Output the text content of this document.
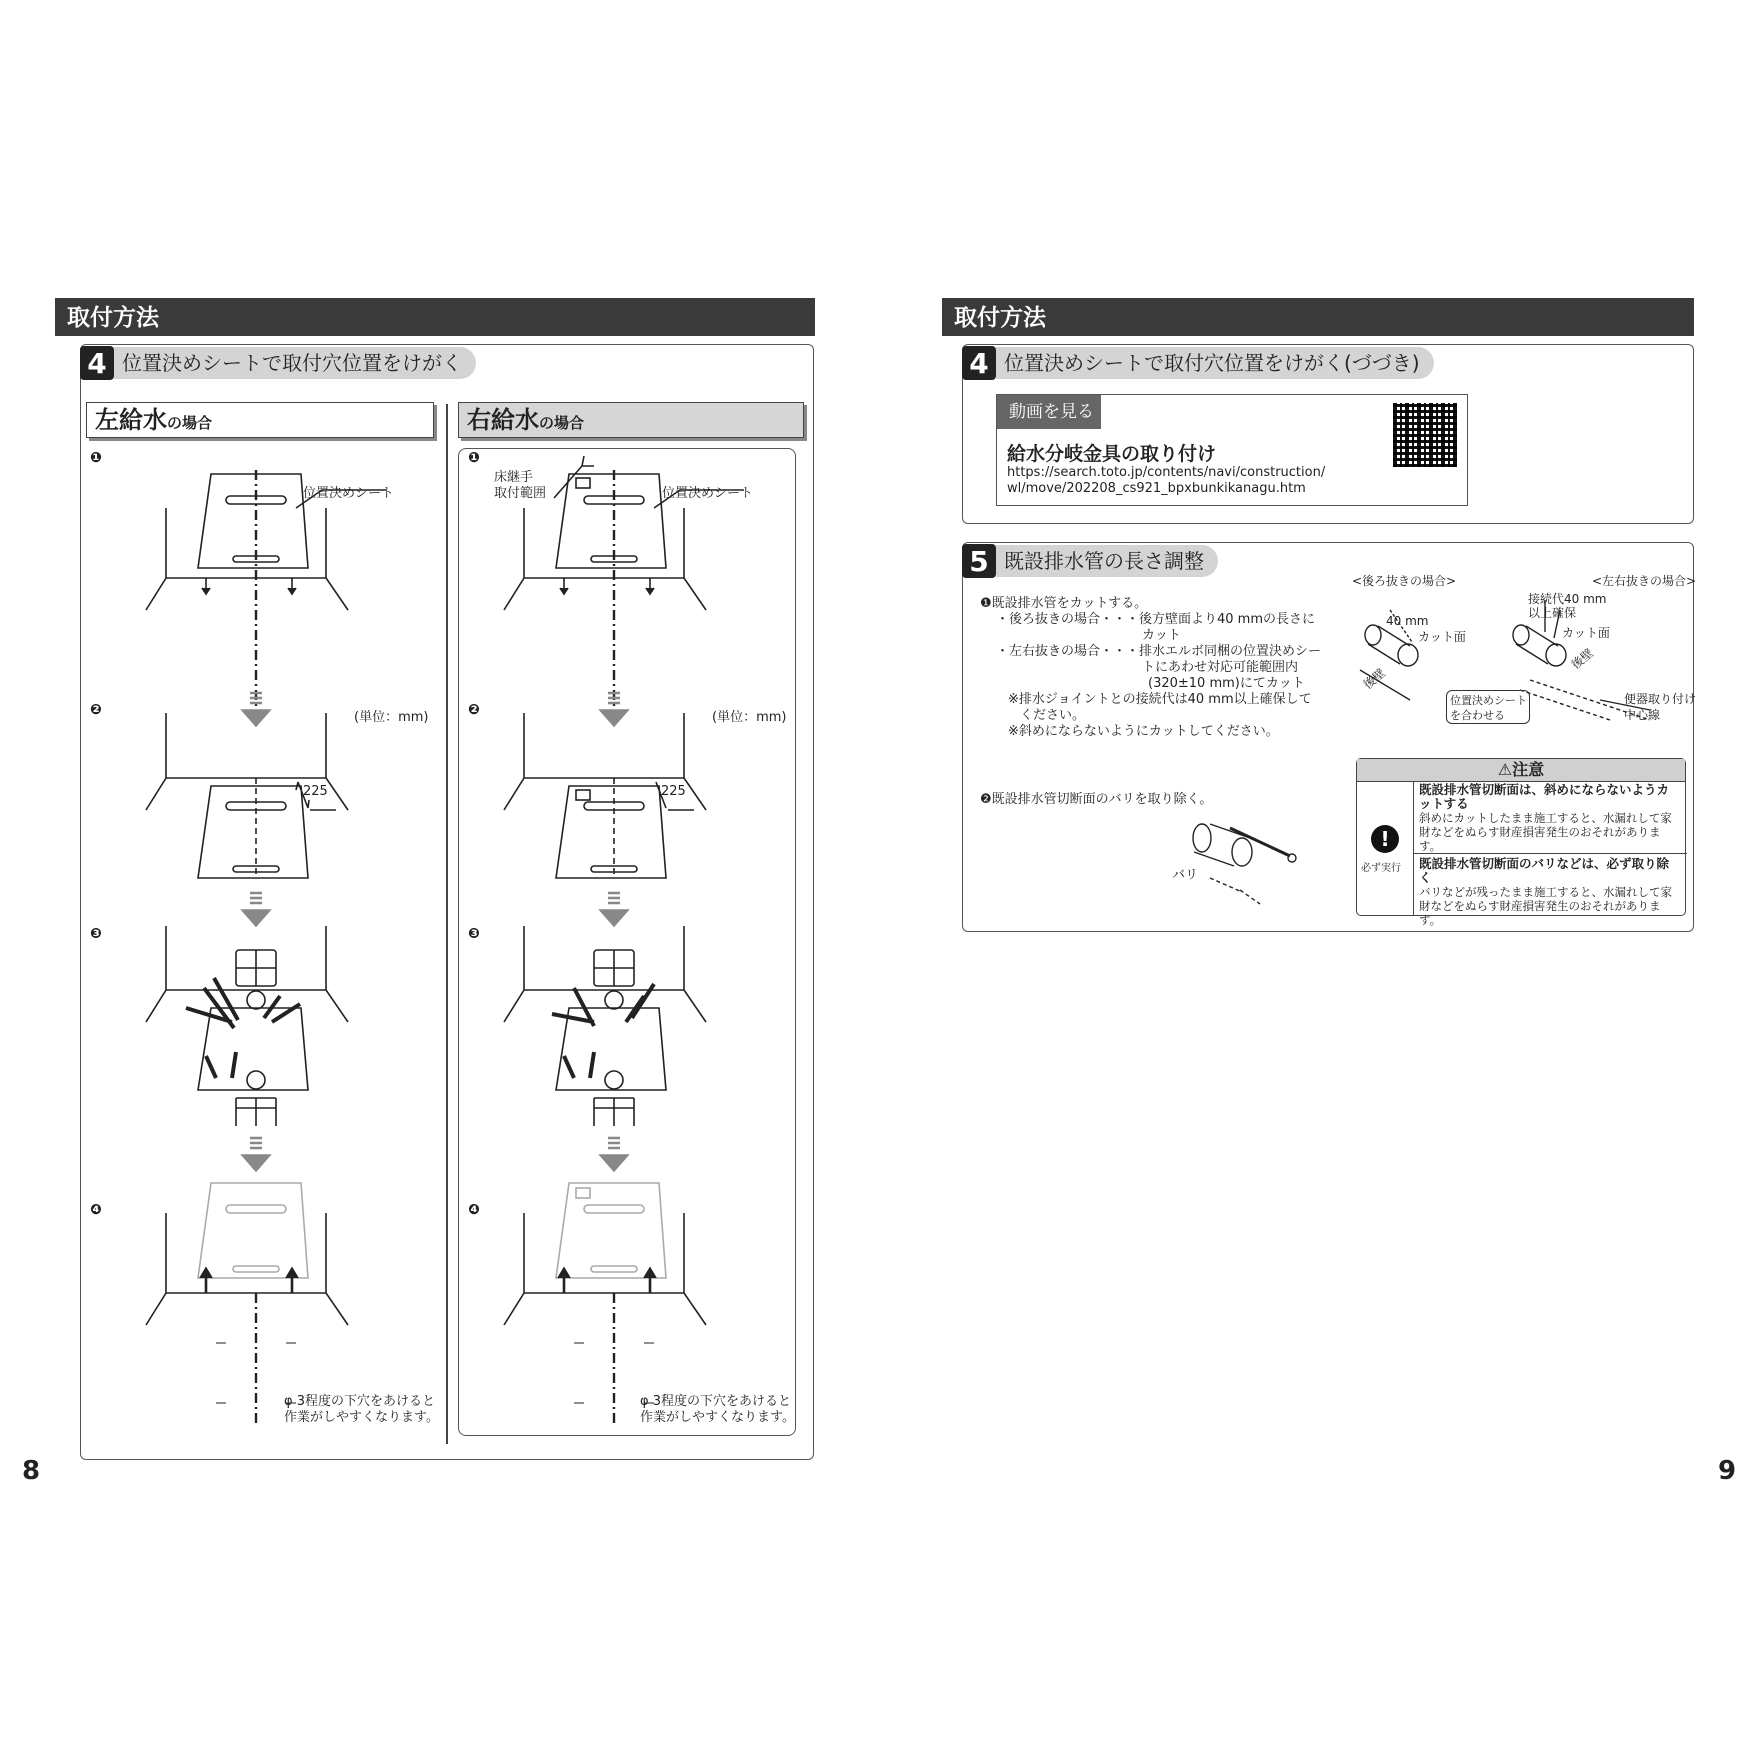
取付方法
4 位置決めシートで取付穴位置をけがく
左給水の場合	右給水の場合
❶
❷
❸
❹
❶
❷
❸
❹
位置決めシート
(単位：mm)
225
φ 3程度の下穴をあけると
作業がしやすくなります。
床継手
取付範囲	位置決めシート
(単位：mm)
225
φ 3程度の下穴をあけると
作業がしやすくなります。
8
取付方法
4 位置決めシートで取付穴位置をけがく(づづき)
動画を見る
給水分岐金具の取り付け
https://search.toto.jp/contents/navi/construction/
wl/move/202208_cs921_bpxbunkikanagu.htm
5 既設排水管の長さ調整
❶既設排水管をカットする。
・後ろ抜きの場合・・・後方壁面より40 mmの長さに
カット
・左右抜きの場合・・・排水エルボ同梱の位置決めシー
トにあわせ対応可能範囲内
(320±10 mm)にてカット
※排水ジョイントとの接続代は40 mm以上確保して
ください。
※斜めにならないようにカットしてください。
❷既設排水管切断面のバリを取り除く。
<後ろ抜きの場合>	<左右抜きの場合>
40 mm
カット面
後壁
接続代40 mm
以上確保
カット面
後壁
位置決めシート
を合わせる
便器取り付け
中心線
バリ
⚠注意
!
必ず実行
既設排水管切断面は、斜めにならないようカットする
斜めにカットしたまま施工すると、水漏れして家財などをぬらす財産損害発生のおそれがあります。
既設排水管切断面のバリなどは、必ず取り除く
バリなどが残ったまま施工すると、水漏れして家財などをぬらす財産損害発生のおそれがあります。
9
